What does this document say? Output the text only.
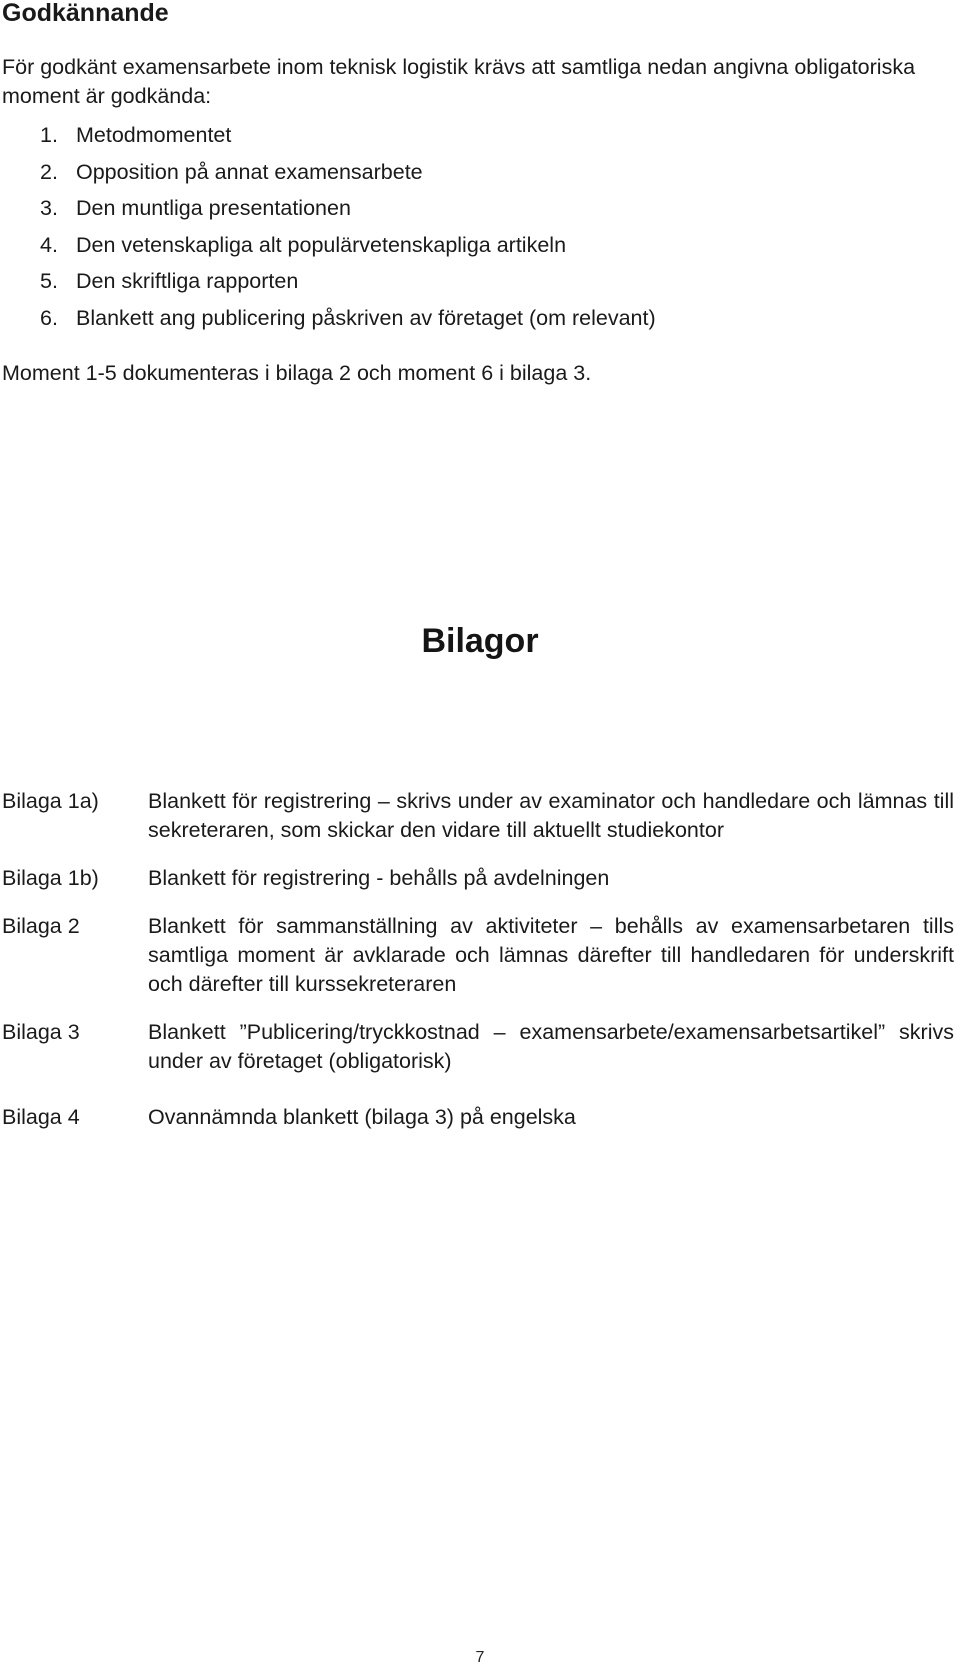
Godkännande

För godkänt examensarbete inom teknisk logistik krävs att samtliga nedan angivna obligatoriska moment är godkända:

1. Metodmomentet
2. Opposition på annat examensarbete
3. Den muntliga presentationen
4. Den vetenskapliga alt populärvetenskapliga artikeln
5. Den skriftliga rapporten
6. Blankett ang publicering påskriven av företaget (om relevant)

Moment 1-5 dokumenteras i bilaga 2 och moment 6 i bilaga 3.

Bilagor
Bilaga 1a)	Blankett för registrering – skrivs under av examinator och handledare och lämnas till sekreteraren, som skickar den vidare till aktuellt studiekontor
Bilaga 1b)	Blankett för registrering - behålls på avdelningen
Bilaga 2	Blankett för sammanställning av aktiviteter – behålls av examensarbetaren tills samtliga moment är avklarade och lämnas därefter till handledaren för underskrift och därefter till kurssekreteraren
Bilaga 3	Blankett ”Publicering/tryckkostnad – examensarbete/examensarbetsartikel” skrivs under av företaget (obligatorisk)
Bilaga 4	Ovannämnda blankett (bilaga 3) på engelska
7
